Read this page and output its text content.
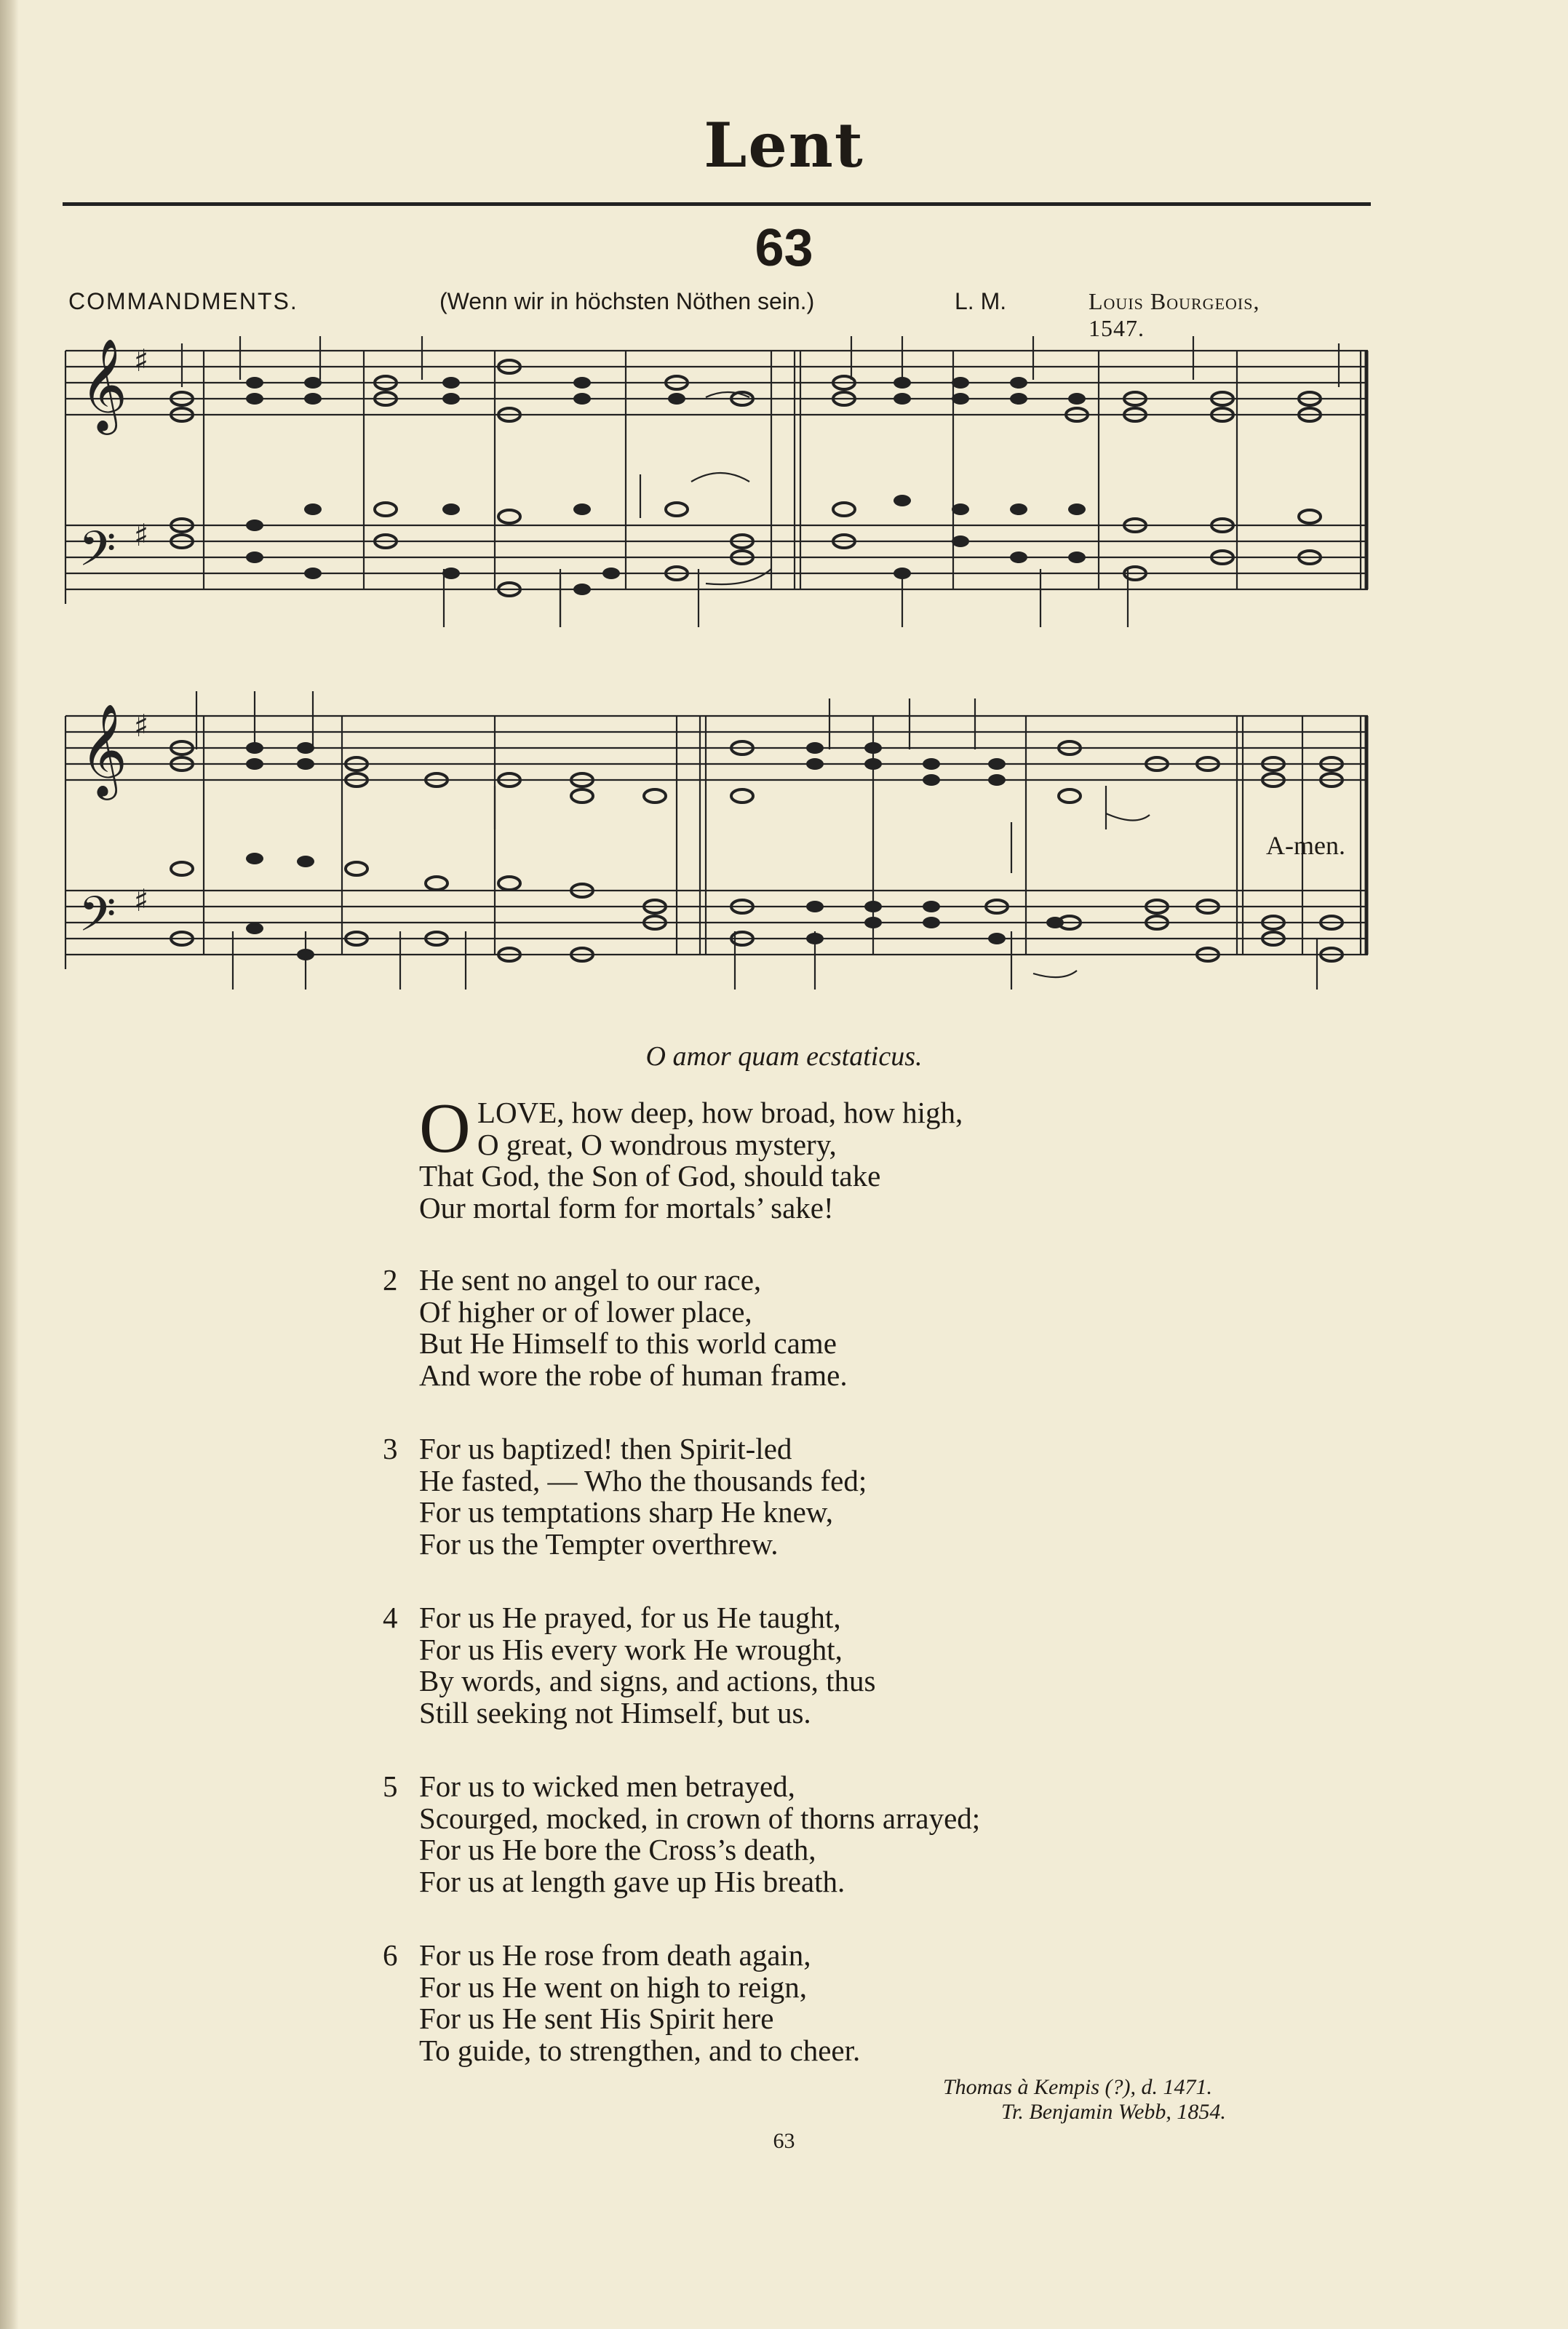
Lent
63
COMMANDMENTS.	(Wenn wir in höchsten Nöthen sein.)	L. M.	Louis Bourgeois, 1547.
𝄞
𝄢
♯
♯
𝄞
𝄢
♯
♯
A-men.
O amor quam ecstaticus.
O LOVE, how deep, how broad, how high,
O great, O wondrous mystery,
That God, the Son of God, should take
Our mortal form for mortals’ sake!
2 He sent no angel to our race,
Of higher or of lower place,
But He Himself to this world came
And wore the robe of human frame.
3 For us baptized! then Spirit-led
He fasted, — Who the thousands fed;
For us temptations sharp He knew,
For us the Tempter overthrew.
4 For us He prayed, for us He taught,
For us His every work He wrought,
By words, and signs, and actions, thus
Still seeking not Himself, but us.
5 For us to wicked men betrayed,
Scourged, mocked, in crown of thorns arrayed;
For us He bore the Cross’s death,
For us at length gave up His breath.
6 For us He rose from death again,
For us He went on high to reign,
For us He sent His Spirit here
To guide, to strengthen, and to cheer.
Thomas à Kempis (?), d. 1471.
Tr. Benjamin Webb, 1854.
63
